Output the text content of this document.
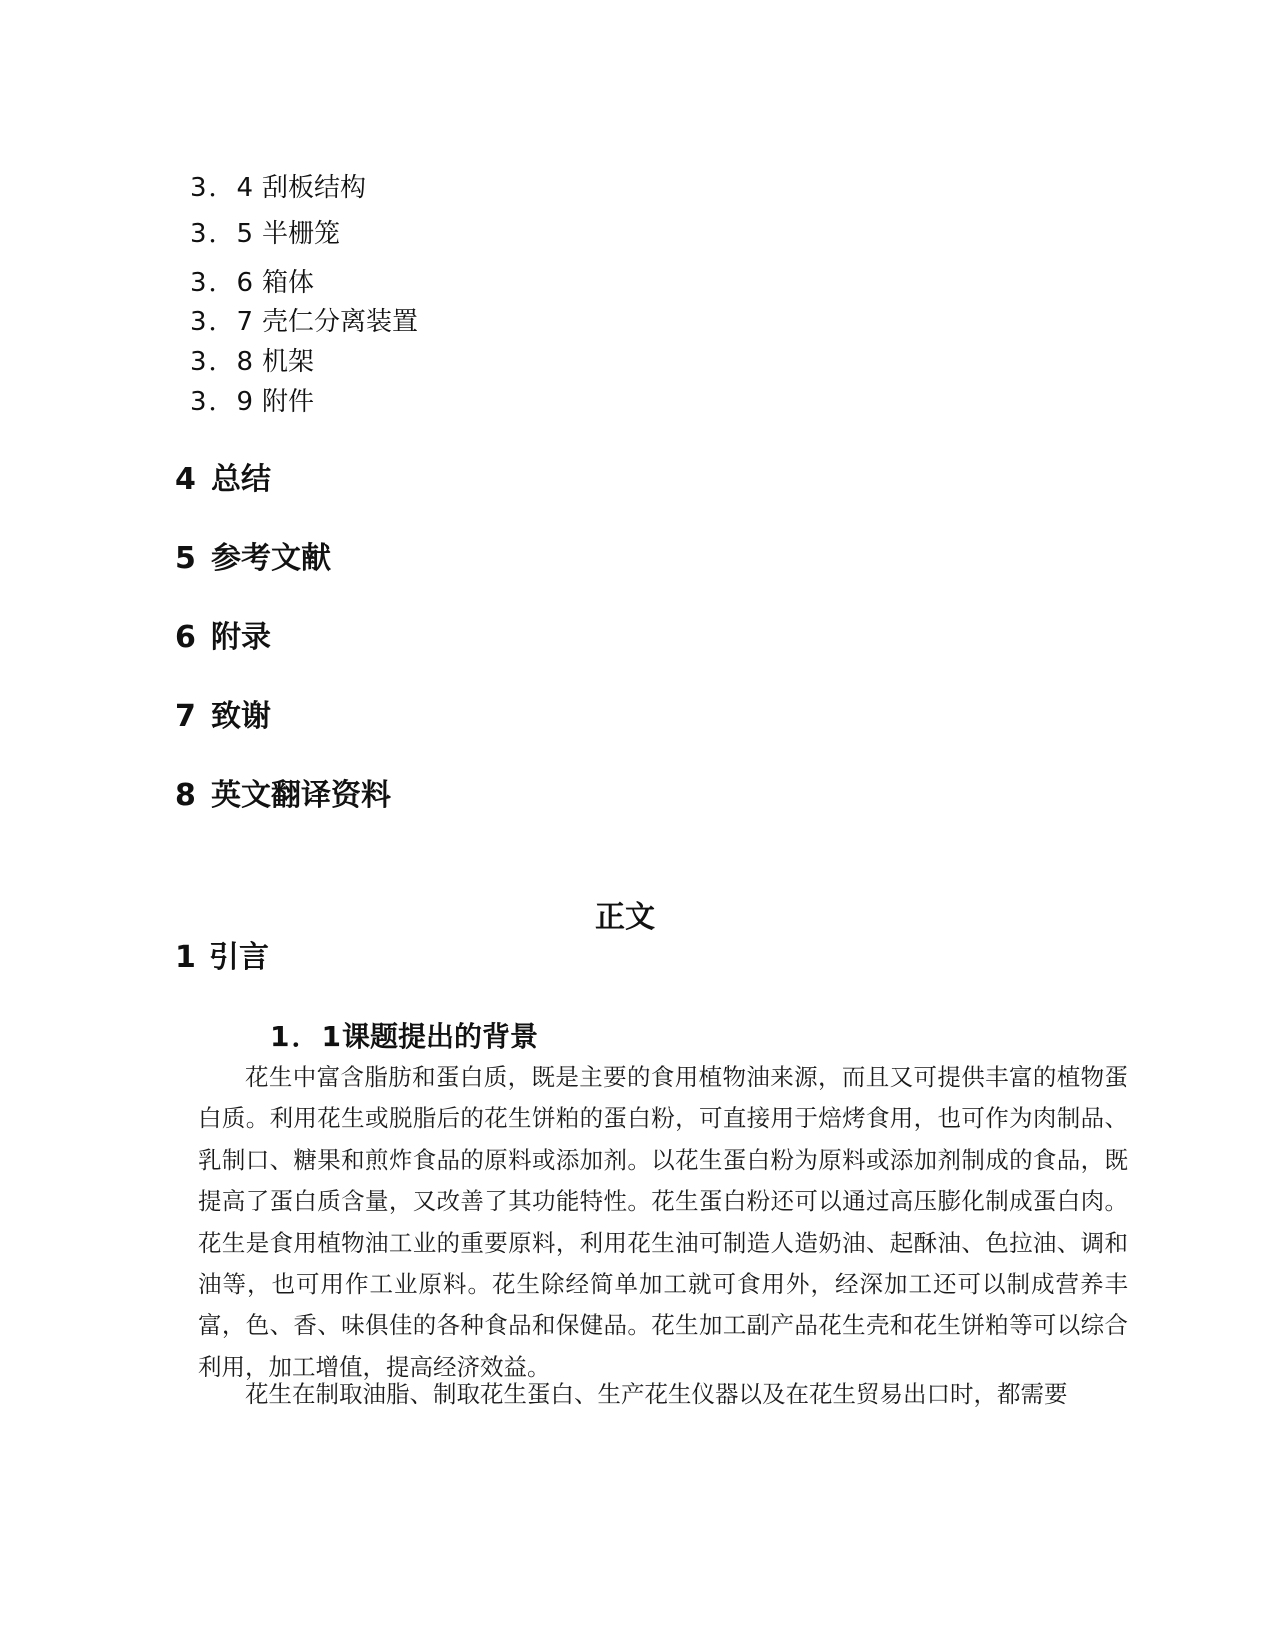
3．4 刮板结构
3．5 半栅笼
3．6 箱体
3．7 壳仁分离装置
3．8 机架
3．9 附件
4 总结
5 参考文献
6 附录
7 致谢
8 英文翻译资料
正文
1 引言
1．1课题提出的背景

花生中富含脂肪和蛋白质，既是主要的食用植物油来源，而且又可提供丰富的植物蛋白质。利用花生或脱脂后的花生饼粕的蛋白粉，可直接用于焙烤食用，也可作为肉制品、乳制口、糖果和煎炸食品的原料或添加剂。以花生蛋白粉为原料或添加剂制成的食品，既提高了蛋白质含量，又改善了其功能特性。花生蛋白粉还可以通过高压膨化制成蛋白肉。花生是食用植物油工业的重要原料，利用花生油可制造人造奶油、起酥油、色拉油、调和油等，也可用作工业原料。花生除经简单加工就可食用外，经深加工还可以制成营养丰富，色、香、味俱佳的各种食品和保健品。花生加工副产品花生壳和花生饼粕等可以综合利用，加工增值，提高经济效益。

花生在制取油脂、制取花生蛋白、生产花生仪器以及在花生贸易出口时，都需要
